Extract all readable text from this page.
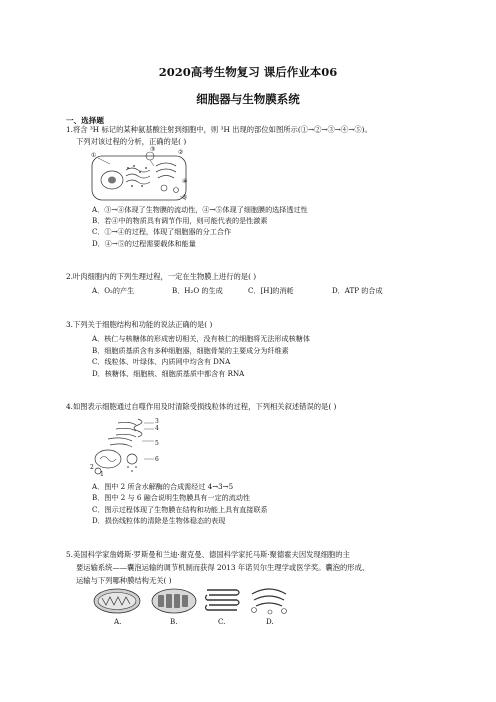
2020高考生物复习 课后作业本06
细胞器与生物膜系统
一、选择题
1.将含 ³H 标记的某种氨基酸注射到细胞中，则 ³H 出现的部位如图所示(①→②→③→④→⑤)。
下列对该过程的分析，正确的是( )
①	②
③
④
⑤
A．③→④体现了生物膜的流动性，④→⑤体现了细胞膜的选择透过性
B．若④中的物质具有调节作用，则可能代表的是性激素
C．①→④的过程，体现了细胞器的分工合作
D．④→⑤的过程需要载体和能量
2.叶肉细胞内的下列生理过程，一定在生物膜上进行的是( )
A．O₂的产生	B．H₂O 的生成	C．[H]的消耗	D．ATP 的合成
3.下列关于细胞结构和功能的说法正确的是( )
A．核仁与核糖体的形成密切相关，没有核仁的细胞将无法形成核糖体
B．细胞质基质含有多种细胞器，细胞骨架的主要成分为纤维素
C．线粒体、叶绿体、内质网中均含有 DNA
D．核糖体、细胞核、细胞质基质中都含有 RNA
4.如图表示细胞通过自噬作用及时清除受损线粒体的过程，下列相关叙述错误的是( )
3
4
5
6
2
1
A．图中 2 所含水解酶的合成需经过 4→3→5
B．图中 2 与 6 融合说明生物膜具有一定的流动性
C．图示过程体现了生物膜在结构和功能上具有直接联系
D．损伤线粒体的清除是生物体稳态的表现
5.美国科学家詹姆斯·罗斯曼和兰迪·谢克曼、德国科学家托马斯·聚德霍夫因发现细胞的主
要运输系统——囊泡运输的调节机制而获得 2013 年诺贝尔生理学或医学奖。囊泡的形成、
运输与下列哪种膜结构无关( )
A.	B.	C.	D.
